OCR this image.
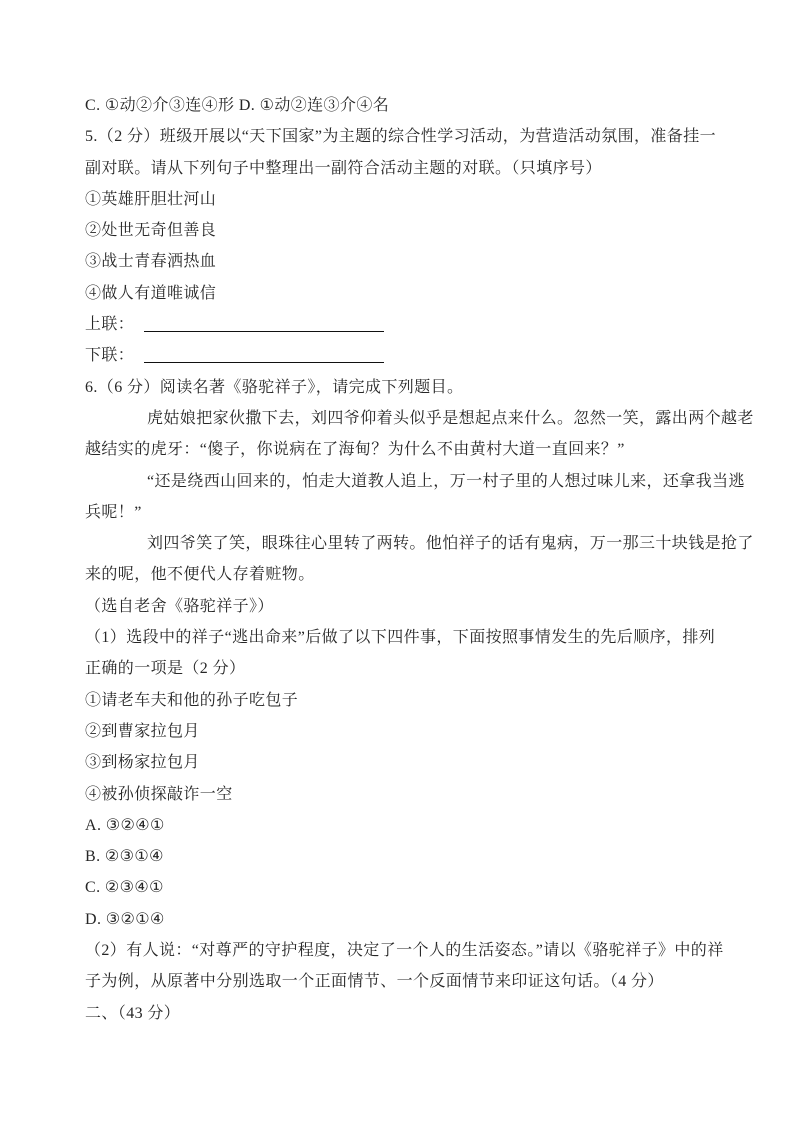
C. ①动②介③连④形 D. ①动②连③介④名
5.（2 分）班级开展以“天下国家”为主题的综合性学习活动，为营造活动氛围，准备挂一
副对联。请从下列句子中整理出一副符合活动主题的对联。（只填序号）
①英雄肝胆壮河山
②处世无奇但善良
③战士青春洒热血
④做人有道唯诚信
上联：
下联：
6.（6 分）阅读名著《骆驼祥子》，请完成下列题目。
虎姑娘把家伙撒下去，刘四爷仰着头似乎是想起点来什么。忽然一笑，露出两个越老
越结实的虎牙：“傻子，你说病在了海甸？为什么不由黄村大道一直回来？”
“还是绕西山回来的，怕走大道教人追上，万一村子里的人想过味儿来，还拿我当逃
兵呢！”
刘四爷笑了笑，眼珠往心里转了两转。他怕祥子的话有鬼病，万一那三十块钱是抢了
来的呢，他不便代人存着赃物。
（选自老舍《骆驼祥子》）
（1）选段中的祥子“逃出命来”后做了以下四件事，下面按照事情发生的先后顺序，排列
正确的一项是（2 分）
①请老车夫和他的孙子吃包子
②到曹家拉包月
③到杨家拉包月
④被孙侦探敲诈一空
A. ③②④①
B. ②③①④
C. ②③④①
D. ③②①④
（2）有人说：“对尊严的守护程度，决定了一个人的生活姿态。”请以《骆驼祥子》中的祥
子为例，从原著中分别选取一个正面情节、一个反面情节来印证这句话。（4 分）
二、（43 分）
